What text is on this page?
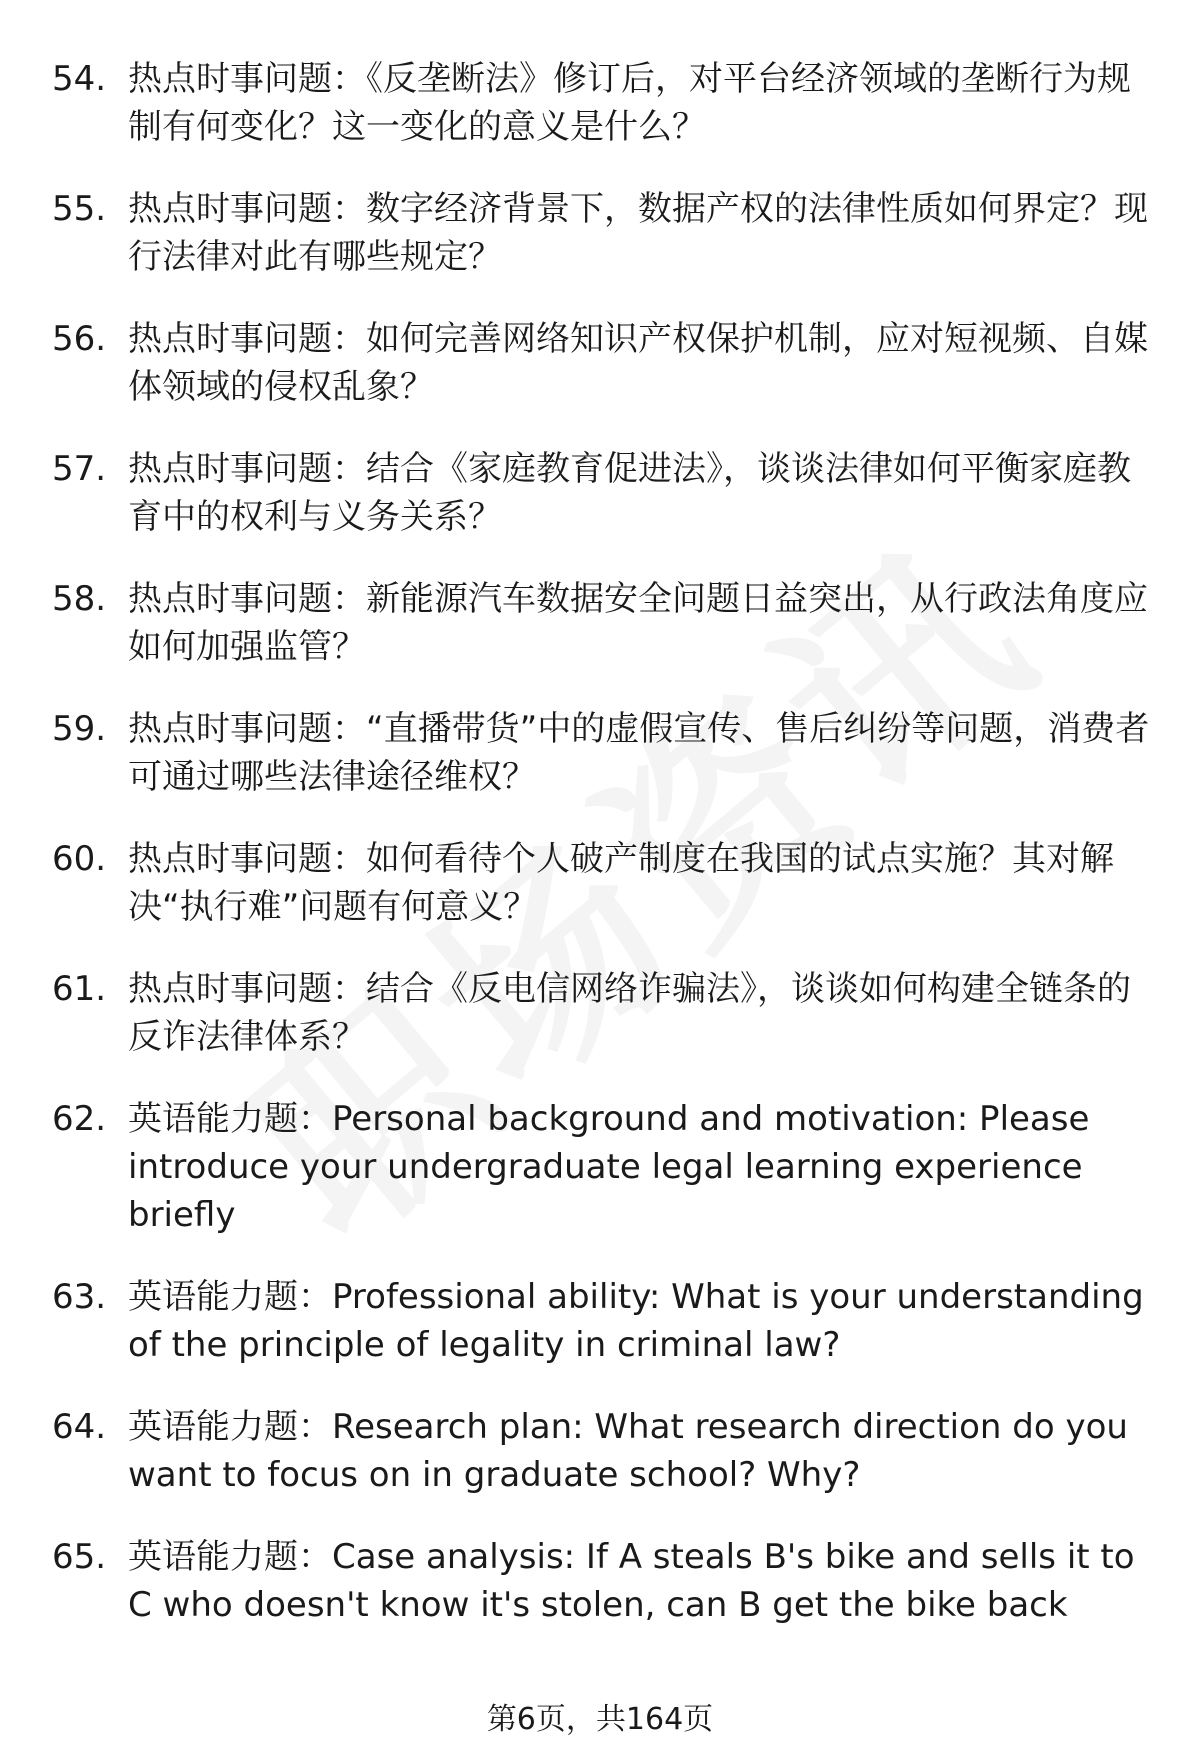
54. 热点时事问题：《反垄断法》修订后，对平台经济领域的垄断行为规制有何变化？这一变化的意义是什么？
55. 热点时事问题：数字经济背景下，数据产权的法律性质如何界定？现行法律对此有哪些规定？
56. 热点时事问题：如何完善网络知识产权保护机制，应对短视频、自媒体领域的侵权乱象？
57. 热点时事问题：结合《家庭教育促进法》，谈谈法律如何平衡家庭教育中的权利与义务关系？
58. 热点时事问题：新能源汽车数据安全问题日益突出，从行政法角度应如何加强监管？
59. 热点时事问题：“直播带货”中的虚假宣传、售后纠纷等问题，消费者可通过哪些法律途径维权？
60. 热点时事问题：如何看待个人破产制度在我国的试点实施？其对解决“执行难”问题有何意义？
61. 热点时事问题：结合《反电信网络诈骗法》，谈谈如何构建全链条的反诈法律体系？
62. 英语能力题：Personal background and motivation: Please introduce your undergraduate legal learning experience briefly
63. 英语能力题：Professional ability: What is your understanding of the principle of legality in criminal law?
64. 英语能力题：Research plan: What research direction do you want to focus on in graduate school? Why?
65. 英语能力题：Case analysis: If A steals B's bike and sells it to C who doesn't know it's stolen, can B get the bike back
第6页，共164页
